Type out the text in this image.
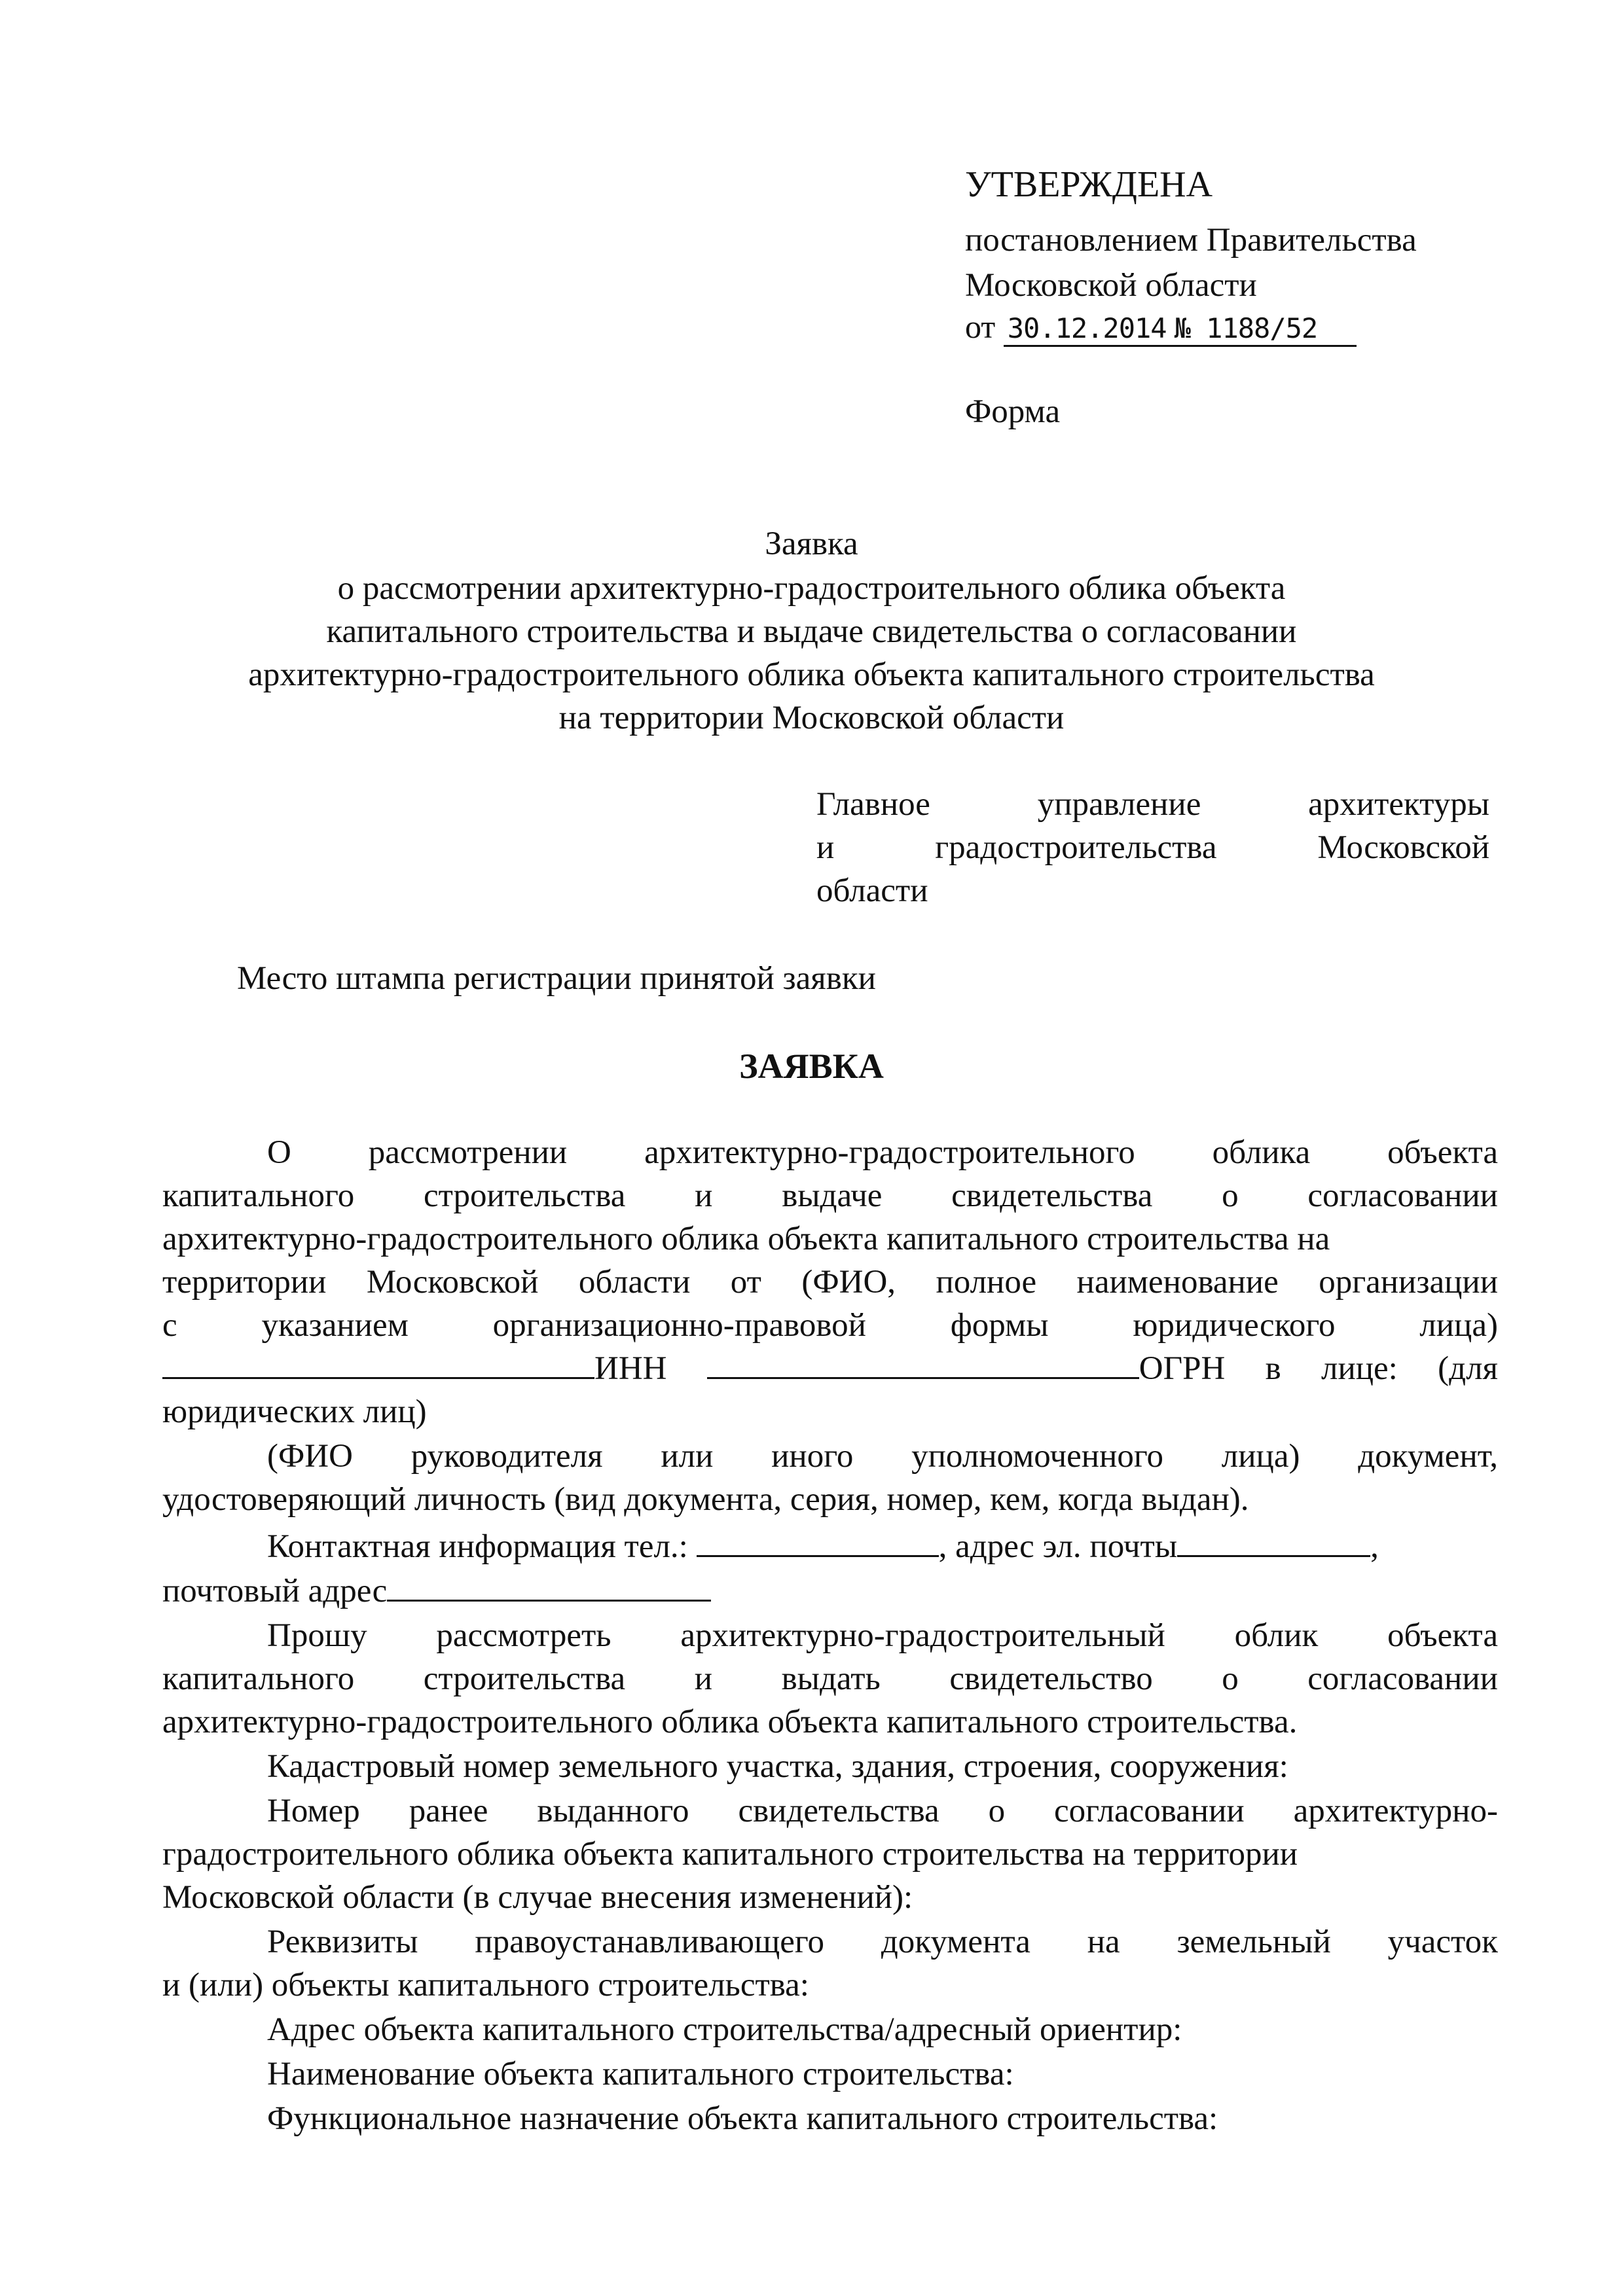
УТВЕРЖДЕНА
постановлением Правительства
Московской области
от 30.12.2014 № 1188/52
Форма
Заявка
о рассмотрении архитектурно-градостроительного облика объекта
капитального строительства и выдаче свидетельства о согласовании
архитектурно-градостроительного облика объекта капитального строительства
на территории Московской области
Главное	управление	архитектуры
и	градостроительства	Московской
области
Место штампа регистрации принятой заявки
ЗАЯВКА
О рассмотрении архитектурно-градостроительного облика объекта
капитального строительства и выдаче свидетельства о согласовании
архитектурно-градостроительного облика объекта капитального строительства на
территории Московской области от (ФИО, полное наименование организации
с	указанием	организационно-правовой	формы	юридического	лица)
ИНН	ОГРН в лице: (для
юридических лиц)
(ФИО руководителя или иного уполномоченного лица) документ,
удостоверяющий личность (вид документа, серия, номер, кем, когда выдан).
Контактная информация тел.:	, адрес эл. почты	,
почтовый адрес
Прошу рассмотреть архитектурно-градостроительный облик объекта
капитального строительства и выдать свидетельство о согласовании
архитектурно-градостроительного облика объекта капитального строительства.
Кадастровый номер земельного участка, здания, строения, сооружения:
Номер ранее выданного свидетельства о согласовании архитектурно-
градостроительного облика объекта капитального строительства на территории
Московской области (в случае внесения изменений):
Реквизиты правоустанавливающего документа на земельный участок
и (или) объекты капитального строительства:
Адрес объекта капитального строительства/адресный ориентир:
Наименование объекта капитального строительства:
Функциональное назначение объекта капитального строительства:
